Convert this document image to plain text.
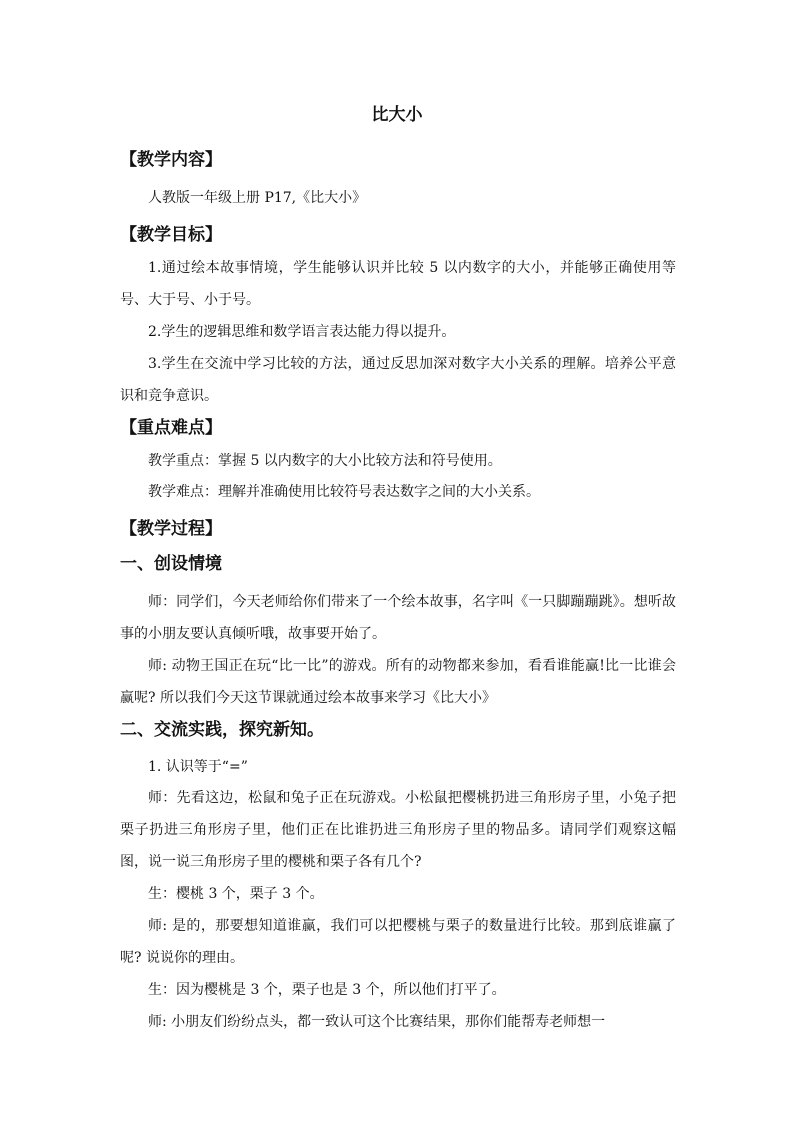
比大小
【教学内容】

人教版一年级上册 P17,《比大小》

【教学目标】

1.通过绘本故事情境，学生能够认识并比较 5 以内数字的大小，并能够正确使用等号、大于号、小于号。

2.学生的逻辑思维和数学语言表达能力得以提升。

3.学生在交流中学习比较的方法，通过反思加深对数字大小关系的理解。培养公平意识和竞争意识。

【重点难点】

教学重点：掌握 5 以内数字的大小比较方法和符号使用。

教学难点：理解并准确使用比较符号表达数字之间的大小关系。

【教学过程】
一、创设情境

师：同学们，今天老师给你们带来了一个绘本故事，名字叫《一只脚蹦蹦跳》。想听故事的小朋友要认真倾听哦，故事要开始了。

师: 动物王国正在玩“比一比”的游戏。所有的动物都来参加，看看谁能赢!比一比谁会赢呢? 所以我们今天这节课就通过绘本故事来学习《比大小》

二、交流实践，探究新知。

1. 认识等于“=”

师：先看这边，松鼠和兔子正在玩游戏。小松鼠把樱桃扔进三角形房子里，小兔子把栗子扔进三角形房子里，他们正在比谁扔进三角形房子里的物品多。请同学们观察这幅图，说一说三角形房子里的樱桃和栗子各有几个?

生：樱桃 3 个，栗子 3 个。

师: 是的，那要想知道谁赢，我们可以把樱桃与栗子的数量进行比较。那到底谁赢了呢? 说说你的理由。

生：因为樱桃是 3 个，栗子也是 3 个，所以他们打平了。

师: 小朋友们纷纷点头，都一致认可这个比赛结果，那你们能帮寿老师想一
